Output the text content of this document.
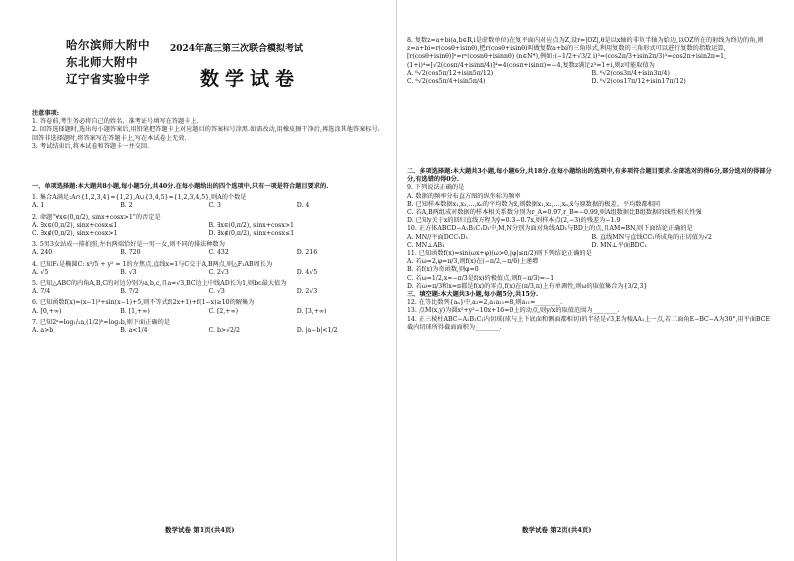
哈尔滨师大附中
东北师大附中
辽宁省实验中学
2024年高三第三次联合模拟考试
数学试卷
注意事项:
1. 答卷前,考生务必将自己的姓名、准考证号填写在答题卡上.
2. 回答选择题时,选出每小题答案后,用铅笔把答题卡上对应题目的答案标号涂黑.如需改动,用橡皮擦干净后,再选涂其他答案标号.回答非选择题时,将答案写在答题卡上,写在本试卷上无效.
3. 考试结束后,将本试卷和答题卡一并交回.
一、单项选择题:本大题共8小题,每小题5分,共40分.在每小题给出的四个选项中,只有一项是符合题目要求的.
1. 集合A满足:A∩{1,2,3,4}={1,2},A∪{3,4,5}={1,2,3,4,5},则A的个数是
A. 1	B. 2	C. 3	D. 4
2. 命题“∀x∈(0,π/2), sinx+cosx>1”的否定是
A. ∃x∈(0,π/2), sinx+cosx≤1	B. ∃x∈(0,π/2), sinx+cosx>1
C. ∃x∉(0,π/2), sinx+cosx>1	D. ∃x∉(0,π/2), sinx+cosx≤1
3. 5男3女站成一排拍照,左右两端恰好是一男一女,则不同的排法种数为
A. 240	B. 720	C. 432	D. 216
4. 已知F₁是椭圆C: x²/5 + y² = 1的左焦点,直线x=1与C交于A,B两点,则△F₁AB周长为
A. √5	B. √3	C. 2√3	D. 4√5
5. 已知△ABC的内角A,B,C的对边分别为a,b,c,且a=√3,BC边上中线AD长为1,则bc最大值为
A. 7/4	B. 7/2	C. √3	D. 2√3
6. 已知函数f(x)=(x−1)³+sin(x−1)+5,则不等式f(2x+1)+f(1−x)≥10的解集为
A. [0,+∞)	B. [1,+∞)	C. [2,+∞)	D. [3,+∞)
7. 已知2ᵃ=log₁/₂a,(1/2)ᵇ=log₂b,则下面正确的是
A. a>b	B. a<1/4	C. b>√2/2	D. |a−b|<1/2
数学试卷 第1页(共4页)
8. 复数z=a+bi(a,b∈R,i是虚数单位)在复平面内对应点为Z,设r=|OZ|,θ是以x轴的非负半轴为始边,以OZ所在的射线为终边的角,则z=a+bi=r(cosθ+isinθ),把r(cosθ+isinθ)叫做复数a+bi的三角形式,利用复数的三角形式可以进行复数的指数运算,[r(cosθ+isinθ)]ⁿ=rⁿ(cosnθ+isinnθ) (n∈N*),例如:(−1/2+√3/2 i)³=(cos2π/3+isin2π/3)³=cos2π+isin2π=1,
(1+i)⁴=[√2(cosπ/4+isinπ/4)]⁴=4(cosπ+isinπ)=−4,复数z满足z³=1+i,则z可能取值为
A. ⁶√2(cos5π/12+isin5π/12)	B. ⁶√2(cos3π/4+isin3π/4)
C. ⁶√2(cos5π/4+isin5π/4)	D. ⁶√2(cos17π/12+isin17π/12)
二、多项选择题:本大题共3小题,每小题6分,共18分.在每小题给出的选项中,有多项符合题目要求.全部选对的得6分,部分选对的得部分分,有选错的得0分.
9. 下列说法正确的是
A. 数据的频率分布直方图的纵坐标为频率
B. 已知样本数据x₁,x₂,…,xₙ的平均数为x̄,则数据x₁,x₂,…,xₙ,x̄与原数据的极差、平均数都相同
C. 若A,B两组成对数据的样本相关系数分别为r_A=0.97,r_B=−0.99,则A组数据比B组数据的线性相关性强
D. 已知y关于x的回归直线方程为ŷ=0.3−0.7x,则样本点(2,−3)的残差为−1.9
10. 正方体ABCD−A₁B₁C₁D₁中,M,N分别为面对角线AD₁与BD上的点,且AM=BN,则下面结论正确的是
A. MN//平面DCC₁D₁	B. 直线MN与直线CC₁所成角的正切值为√2
C. MN⊥AB₁	D. MN⊥平面BDC₁
11. 已知函数f(x)=sin(ωx+φ)(ω>0,|φ|≤π/2)则下列结论正确的是
A. 若ω=2,φ=π/3,则f(x)在(−π/2,−π/6)上递增
B. 若f(x)为奇函数,则φ=0
C. 若ω=1/2,x=−π/3是f(x)的极值点,则f(−π/3)=−1
D. 若ω=π/3和x=π都是f(x)的零点,f(x)在(π/3,π)上有单调性,则ω的取值集合为{3/2,3}
三、填空题:本大题共3小题,每小题5分,共15分.
12. 在等比数列{aₙ}中,a₂=2,a₁a₁₁=8,则a₁₁=________.
13. 点M(x,y)为圆x²+y²−10x+16=0上的动点,则y/x的取值范围为________.
14. 正三棱柱ABC−A₁B₁C₁内切球(球与上下底面和侧面都相切)的半径是√3,E为棱AA₁上一点,若二面角E−BC−A为30°,用平面BCE截内切球所得截面面积为________.
数学试卷 第2页(共4页)
